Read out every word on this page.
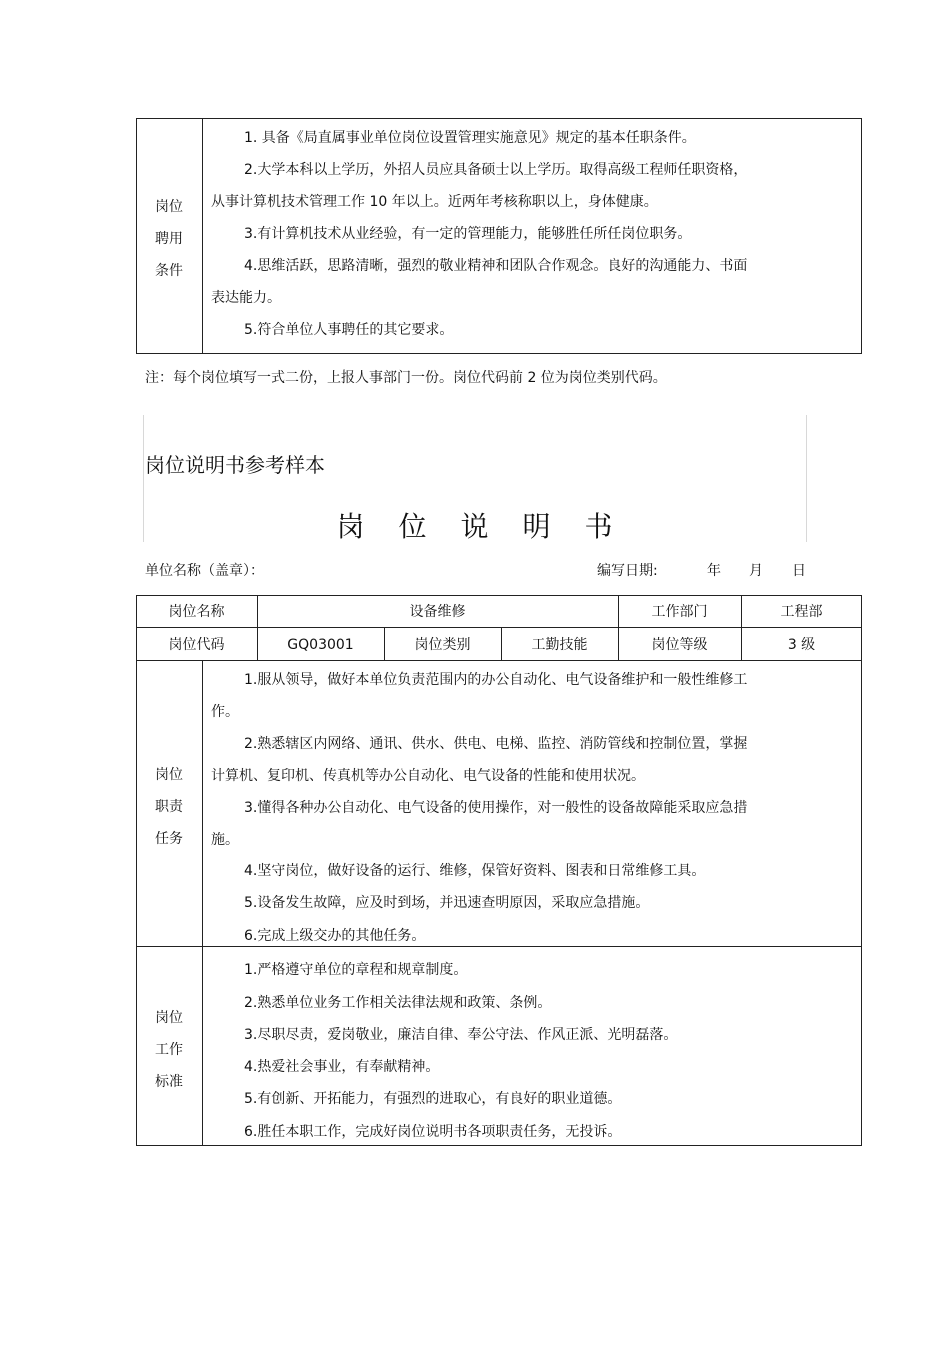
岗位
聘用
条件
1. 具备《局直属事业单位岗位设置管理实施意见》规定的基本任职条件。
2.大学本科以上学历，外招人员应具备硕士以上学历。取得高级工程师任职资格，
从事计算机技术管理工作 10 年以上。近两年考核称职以上，身体健康。
3.有计算机技术从业经验，有一定的管理能力，能够胜任所任岗位职务。
4.思维活跃，思路清晰，强烈的敬业精神和团队合作观念。良好的沟通能力、书面
表达能力。
5.符合单位人事聘任的其它要求。
注：每个岗位填写一式二份，上报人事部门一份。岗位代码前 2 位为岗位类别代码。
岗位说明书参考样本
岗位说明书
单位名称（盖章）：	编写日期:	年 月 日
岗位名称	设备维修	工作部门	工程部
岗位代码	GQ03001	岗位类别	工勤技能	岗位等级	3 级
岗位
职责
任务
1.服从领导，做好本单位负责范围内的办公自动化、电气设备维护和一般性维修工
作。
2.熟悉辖区内网络、通讯、供水、供电、电梯、监控、消防管线和控制位置，掌握
计算机、复印机、传真机等办公自动化、电气设备的性能和使用状况。
3.懂得各种办公自动化、电气设备的使用操作，对一般性的设备故障能采取应急措
施。
4.坚守岗位，做好设备的运行、维修，保管好资料、图表和日常维修工具。
5.设备发生故障，应及时到场，并迅速查明原因，采取应急措施。
6.完成上级交办的其他任务。
岗位
工作
标准
1.严格遵守单位的章程和规章制度。
2.熟悉单位业务工作相关法律法规和政策、条例。
3.尽职尽责，爱岗敬业，廉洁自律、奉公守法、作风正派、光明磊落。
4.热爱社会事业，有奉献精神。
5.有创新、开拓能力，有强烈的进取心，有良好的职业道德。
6.胜任本职工作，完成好岗位说明书各项职责任务，无投诉。
